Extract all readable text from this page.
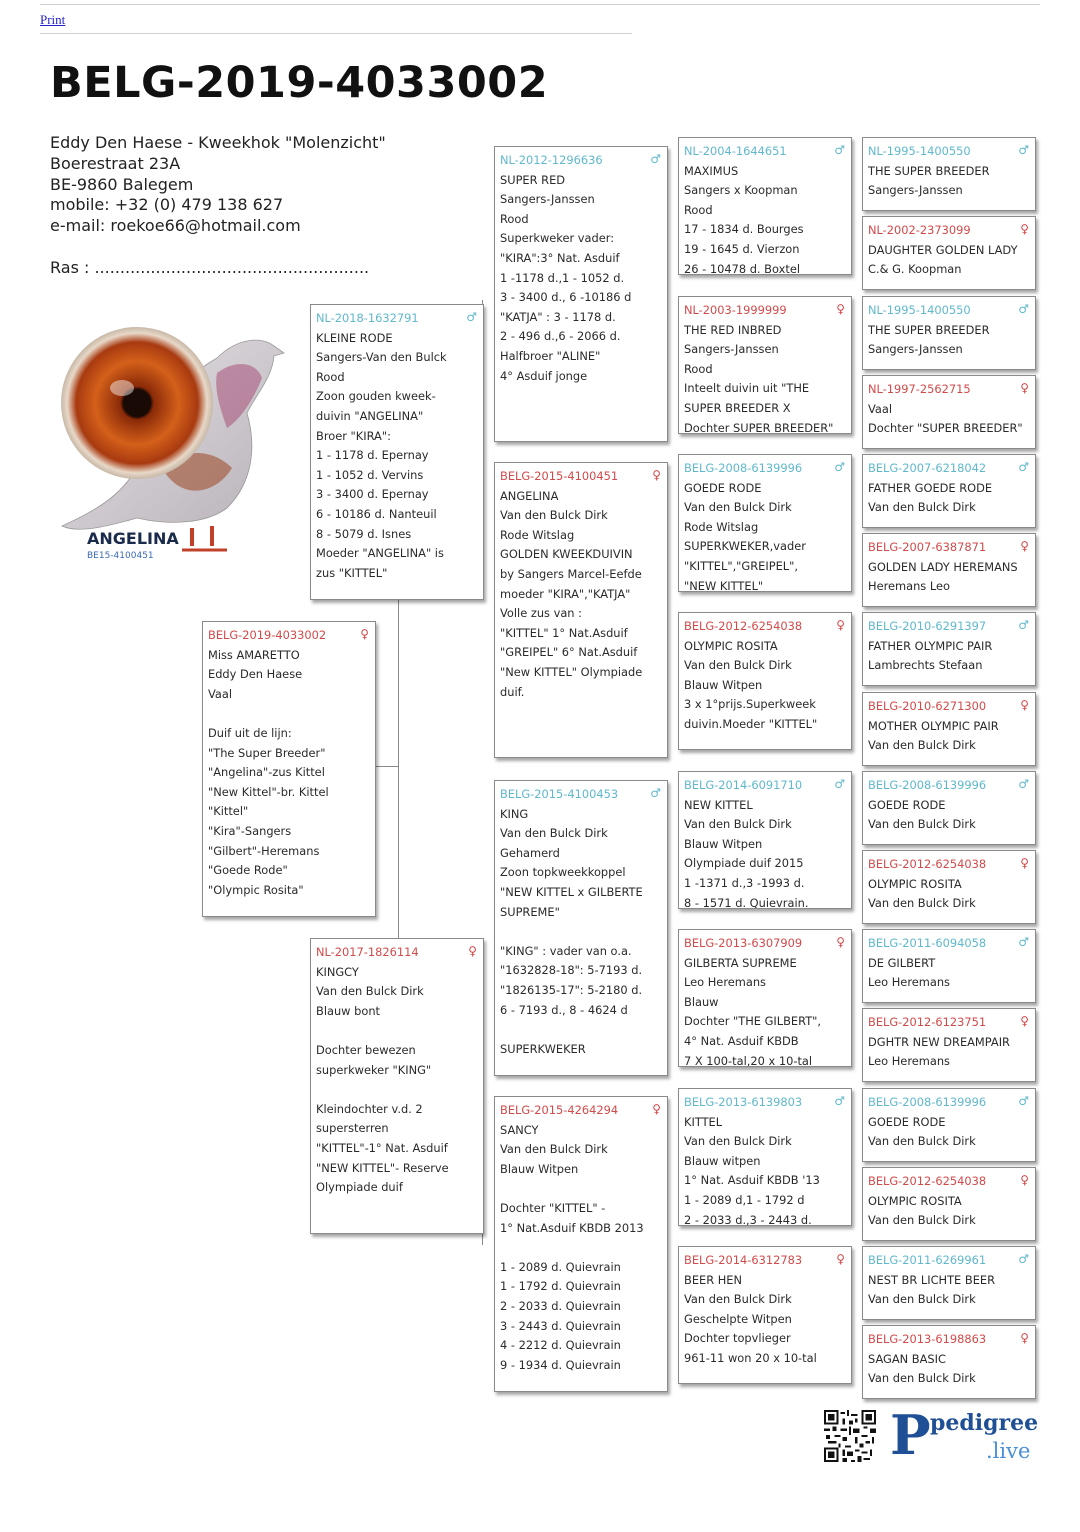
Print
BELG-2019-4033002
Eddy Den Haese - Kweekhok "Molenzicht"
Boerestraat 23A
BE-9860 Balegem
mobile: +32 (0) 479 138 627
e-mail: roekoe66@hotmail.com
Ras : ......................................................
ANGELINA
BE15-4100451
BELG-2019-4033002	♀
Miss AMARETTO
Eddy Den Haese
Vaal
Duif uit de lijn:
"The Super Breeder"
"Angelina"-zus Kittel
"New Kittel"-br. Kittel
"Kittel"
"Kira"-Sangers
"Gilbert"-Heremans
"Goede Rode"
"Olympic Rosita"
NL-2018-1632791	♂
KLEINE RODE
Sangers-Van den Bulck
Rood
Zoon gouden kweek-
duivin "ANGELINA"
Broer "KIRA":
1 - 1178 d. Epernay
1 - 1052 d. Vervins
3 - 3400 d. Epernay
6 - 10186 d. Nanteuil
8 - 5079 d. Isnes
Moeder "ANGELINA" is
zus "KITTEL"
NL-2017-1826114	♀
KINGCY
Van den Bulck Dirk
Blauw bont
Dochter bewezen
superkweker "KING"
Kleindochter v.d. 2
supersterren
"KITTEL"-1° Nat. Asduif
"NEW KITTEL"- Reserve
Olympiade duif
NL-2012-1296636	♂
SUPER RED
Sangers-Janssen
Rood
Superkweker vader:
"KIRA":3° Nat. Asduif
1 -1178 d.,1 - 1052 d.
3 - 3400 d., 6 -10186 d
"KATJA" : 3 - 1178 d.
2 - 496 d.,6 - 2066 d.
Halfbroer "ALINE"
4° Asduif jonge
BELG-2015-4100451	♀
ANGELINA
Van den Bulck Dirk
Rode Witslag
GOLDEN KWEEKDUIVIN
by Sangers Marcel-Eefde
moeder "KIRA","KATJA"
Volle zus van :
"KITTEL" 1° Nat.Asduif
"GREIPEL" 6° Nat.Asduif
"New KITTEL" Olympiade
duif.
BELG-2015-4100453	♂
KING
Van den Bulck Dirk
Gehamerd
Zoon topkweekkoppel
"NEW KITTEL x GILBERTE
SUPREME"
"KING" : vader van o.a.
"1632828-18": 5-7193 d.
"1826135-17": 5-2180 d.
6 - 7193 d., 8 - 4624 d
SUPERKWEKER
BELG-2015-4264294	♀
SANCY
Van den Bulck Dirk
Blauw Witpen
Dochter "KITTEL" -
1° Nat.Asduif KBDB 2013
1 - 2089 d. Quievrain
1 - 1792 d. Quievrain
2 - 2033 d. Quievrain
3 - 2443 d. Quievrain
4 - 2212 d. Quievrain
9 - 1934 d. Quievrain
NL-2004-1644651	♂
MAXIMUS
Sangers x Koopman
Rood
17 - 1834 d. Bourges
19 - 1645 d. Vierzon
26 - 10478 d. Boxtel
NL-2003-1999999	♀
THE RED INBRED
Sangers-Janssen
Rood
Inteelt duivin uit "THE
SUPER BREEDER X
Dochter SUPER BREEDER"
BELG-2008-6139996	♂
GOEDE RODE
Van den Bulck Dirk
Rode Witslag
SUPERKWEKER,vader
"KITTEL","GREIPEL",
"NEW KITTEL"
BELG-2012-6254038	♀
OLYMPIC ROSITA
Van den Bulck Dirk
Blauw Witpen
3 x 1°prijs.Superkweek
duivin.Moeder "KITTEL"
BELG-2014-6091710	♂
NEW KITTEL
Van den Bulck Dirk
Blauw Witpen
Olympiade duif 2015
1 -1371 d.,3 -1993 d.
8 - 1571 d. Quievrain.
BELG-2013-6307909	♀
GILBERTA SUPREME
Leo Heremans
Blauw
Dochter "THE GILBERT",
4° Nat. Asduif KBDB
7 X 100-tal,20 x 10-tal
BELG-2013-6139803	♂
KITTEL
Van den Bulck Dirk
Blauw witpen
1° Nat. Asduif KBDB '13
1 - 2089 d,1 - 1792 d
2 - 2033 d.,3 - 2443 d.
BELG-2014-6312783	♀
BEER HEN
Van den Bulck Dirk
Geschelpte Witpen
Dochter topvlieger
961-11 won 20 x 10-tal
NL-1995-1400550	♂
THE SUPER BREEDER
Sangers-Janssen
NL-2002-2373099	♀
DAUGHTER GOLDEN LADY
C.& G. Koopman
NL-1995-1400550	♂
THE SUPER BREEDER
Sangers-Janssen
NL-1997-2562715	♀
Vaal
Dochter "SUPER BREEDER"
BELG-2007-6218042	♂
FATHER GOEDE RODE
Van den Bulck Dirk
BELG-2007-6387871	♀
GOLDEN LADY HEREMANS
Heremans Leo
BELG-2010-6291397	♂
FATHER OLYMPIC PAIR
Lambrechts Stefaan
BELG-2010-6271300	♀
MOTHER OLYMPIC PAIR
Van den Bulck Dirk
BELG-2008-6139996	♂
GOEDE RODE
Van den Bulck Dirk
BELG-2012-6254038	♀
OLYMPIC ROSITA
Van den Bulck Dirk
BELG-2011-6094058	♂
DE GILBERT
Leo Heremans
BELG-2012-6123751	♀
DGHTR NEW DREAMPAIR
Leo Heremans
BELG-2008-6139996	♂
GOEDE RODE
Van den Bulck Dirk
BELG-2012-6254038	♀
OLYMPIC ROSITA
Van den Bulck Dirk
BELG-2011-6269961	♂
NEST BR LICHTE BEER
Van den Bulck Dirk
BELG-2013-6198863	♀
SAGAN BASIC
Van den Bulck Dirk
P pedigree
.live
